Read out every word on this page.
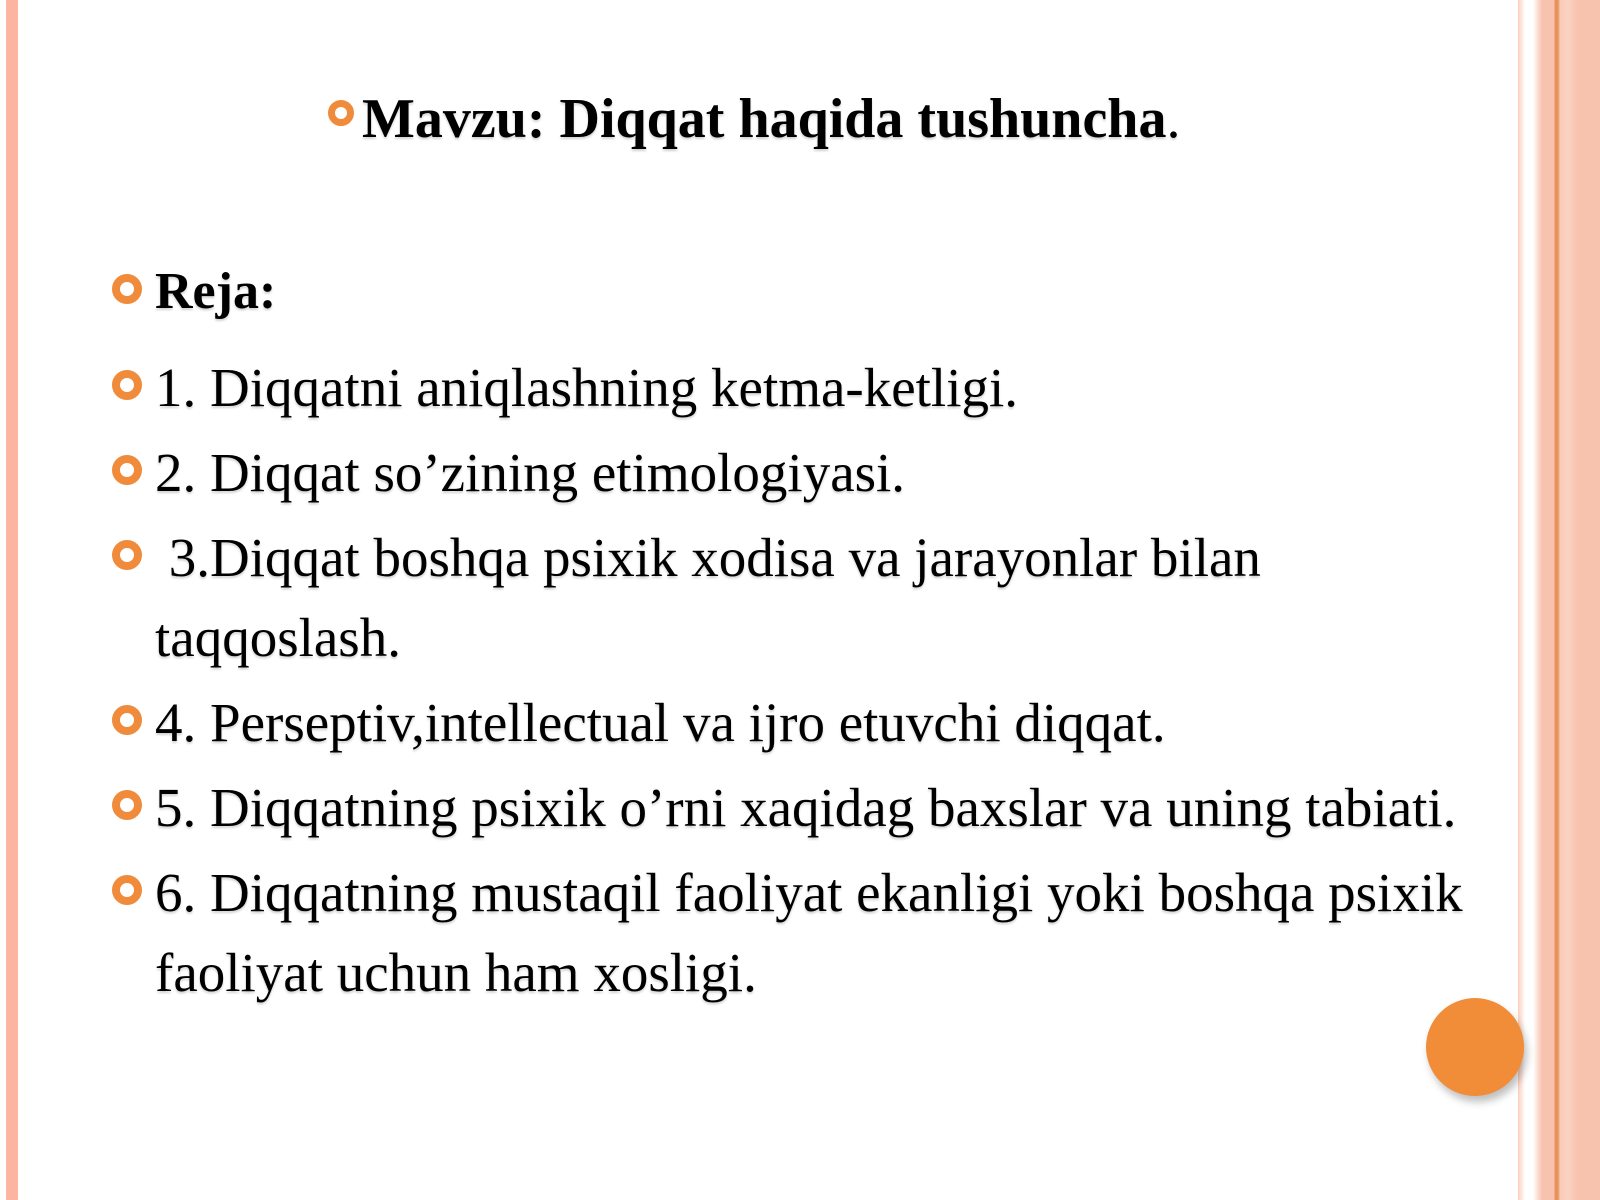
Mavzu: Diqqat haqida tushuncha.
Reja:
1. Diqqatni aniqlashning ketma-ketligi.
2. Diqqat so’zining etimologiyasi.
3.Diqqat boshqa psixik xodisa va jarayonlar bilan taqqoslash.
4. Perseptiv,intellectual va ijro etuvchi diqqat.
5. Diqqatning psixik o’rni xaqidag baxslar va uning tabiati.
6. Diqqatning mustaqil faoliyat ekanligi yoki boshqa psixik faoliyat uchun ham xosligi.
